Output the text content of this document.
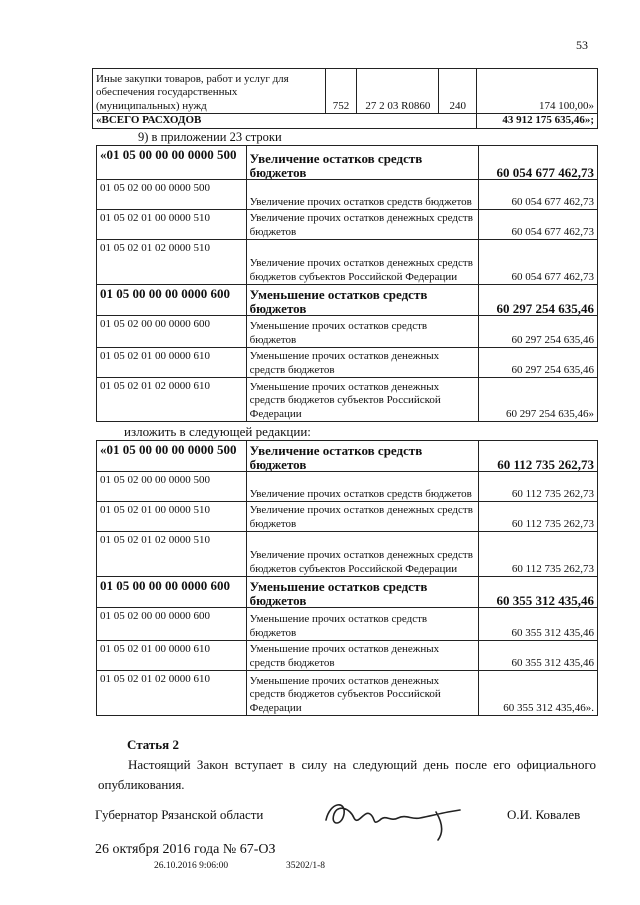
53
Иные закупки товаров, работ и услуг для обеспечения государственных (муниципальных) нужд	752	27 2 03 R0860	240	174 100,00»
«ВСЕГО РАСХОДОВ				43 912 175 635,46»;
9) в приложении 23 строки
«01 05 00 00 00 0000 500	Увеличение остатков средств бюджетов	60 054 677 462,73
01 05 02 00 00 0000 500	Увеличение прочих остатков средств бюджетов	60 054 677 462,73
01 05 02 01 00 0000 510	Увеличение прочих остатков денежных средств бюджетов	60 054 677 462,73
01 05 02 01 02 0000 510	Увеличение прочих остатков денежных средств бюджетов субъектов Российской Федерации	60 054 677 462,73
01 05 00 00 00 0000 600	Уменьшение остатков средств бюджетов	60 297 254 635,46
01 05 02 00 00 0000 600	Уменьшение прочих остатков средств бюджетов	60 297 254 635,46
01 05 02 01 00 0000 610	Уменьшение прочих остатков денежных средств бюджетов	60 297 254 635,46
01 05 02 01 02 0000 610	Уменьшение прочих остатков денежных средств бюджетов субъектов Российской Федерации	60 297 254 635,46»
изложить в следующей редакции:
«01 05 00 00 00 0000 500	Увеличение остатков средств бюджетов	60 112 735 262,73
01 05 02 00 00 0000 500	Увеличение прочих остатков средств бюджетов	60 112 735 262,73
01 05 02 01 00 0000 510	Увеличение прочих остатков денежных средств бюджетов	60 112 735 262,73
01 05 02 01 02 0000 510	Увеличение прочих остатков денежных средств бюджетов субъектов Российской Федерации	60 112 735 262,73
01 05 00 00 00 0000 600	Уменьшение остатков средств бюджетов	60 355 312 435,46
01 05 02 00 00 0000 600	Уменьшение прочих остатков средств бюджетов	60 355 312 435,46
01 05 02 01 00 0000 610	Уменьшение прочих остатков денежных средств бюджетов	60 355 312 435,46
01 05 02 01 02 0000 610	Уменьшение прочих остатков денежных средств бюджетов субъектов Российской Федерации	60 355 312 435,46».
Статья 2
Настоящий Закон вступает в силу на следующий день после его официального опубликования.
Губернатор Рязанской области	О.И. Ковалев
26 октября 2016 года № 67-ОЗ
26.10.2016 9:06:00	35202/1-8
